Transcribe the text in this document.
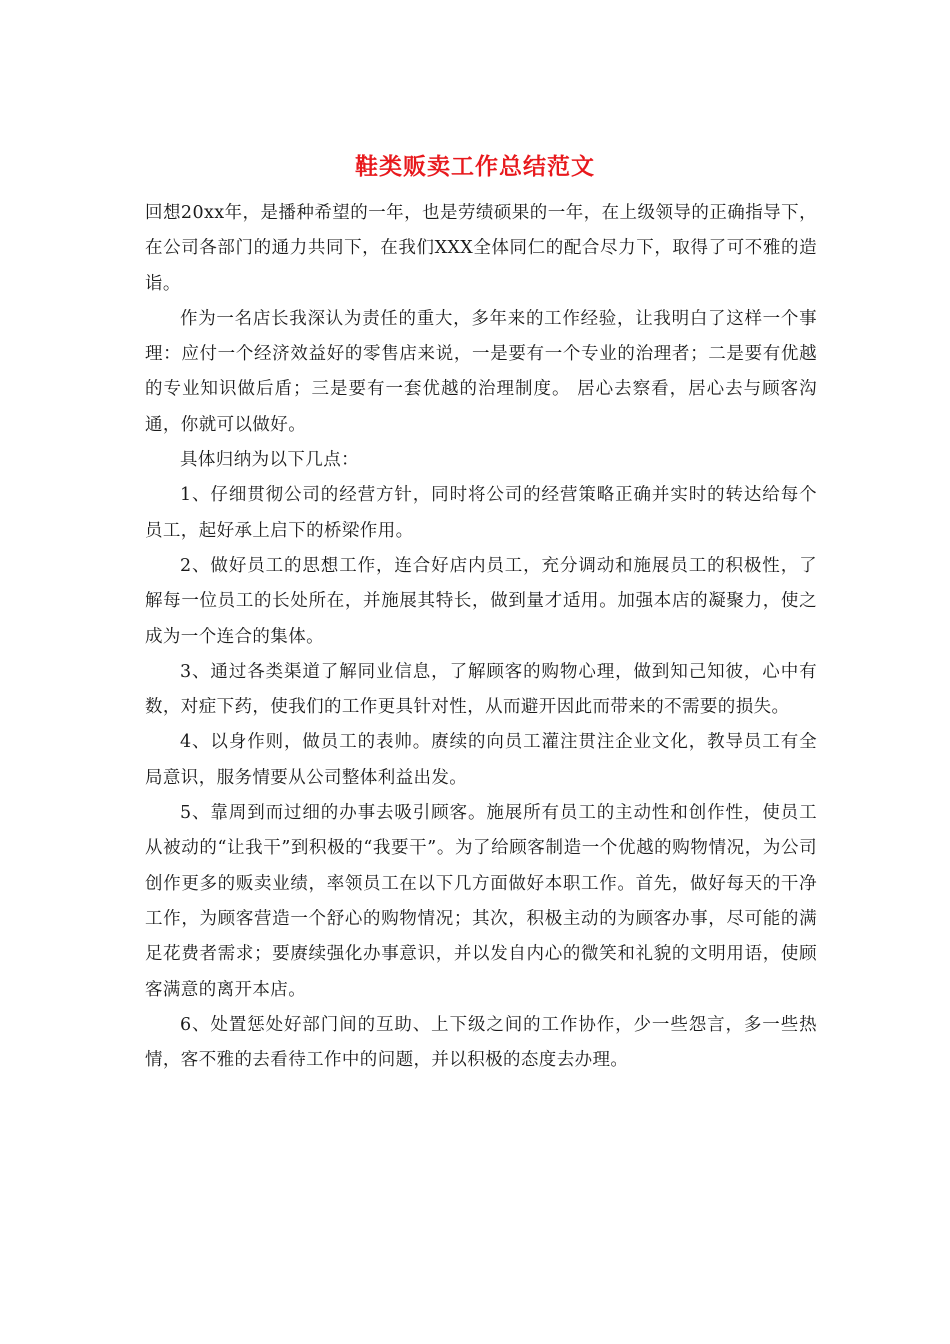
鞋类贩卖工作总结范文

回想20xx年，是播种希望的一年，也是劳绩硕果的一年，在上级领导的正确指导下，在公司各部门的通力共同下，在我们XXX全体同仁的配合尽力下，取得了可不雅的造诣。

作为一名店长我深认为责任的重大，多年来的工作经验，让我明白了这样一个事理：应付一个经济效益好的零售店来说，一是要有一个专业的治理者；二是要有优越的专业知识做后盾；三是要有一套优越的治理制度。 居心去察看，居心去与顾客沟通，你就可以做好。

具体归纳为以下几点：

1、仔细贯彻公司的经营方针，同时将公司的经营策略正确并实时的转达给每个员工，起好承上启下的桥梁作用。

2、做好员工的思想工作，连合好店内员工，充分调动和施展员工的积极性，了解每一位员工的长处所在，并施展其特长，做到量才适用。加强本店的凝聚力，使之成为一个连合的集体。

3、通过各类渠道了解同业信息，了解顾客的购物心理，做到知己知彼，心中有数，对症下药，使我们的工作更具针对性，从而避开因此而带来的不需要的损失。

4、以身作则，做员工的表帅。赓续的向员工灌注贯注企业文化，教导员工有全局意识，服务情要从公司整体利益出发。

5、靠周到而过细的办事去吸引顾客。施展所有员工的主动性和创作性，使员工从被动的“让我干”到积极的“我要干”。为了给顾客制造一个优越的购物情况，为公司创作更多的贩卖业绩，率领员工在以下几方面做好本职工作。首先，做好每天的干净工作，为顾客营造一个舒心的购物情况；其次，积极主动的为顾客办事，尽可能的满足花费者需求；要赓续强化办事意识，并以发自内心的微笑和礼貌的文明用语，使顾客满意的离开本店。

6、处置惩处好部门间的互助、上下级之间的工作协作，少一些怨言，多一些热情，客不雅的去看待工作中的问题，并以积极的态度去办理。
